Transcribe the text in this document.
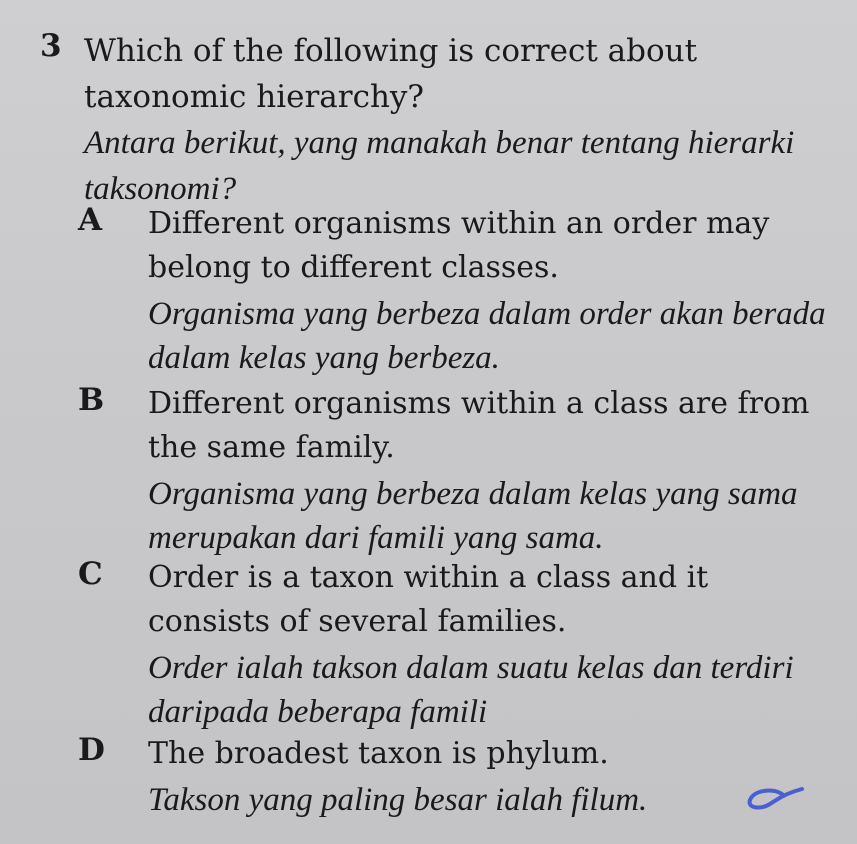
3 Which of the following is correct about taxonomic hierarchy?
Antara berikut, yang manakah benar tentang hierarki taksonomi?
A Different organisms within an order may belong to different classes.
Organisma yang berbeza dalam order akan berada dalam kelas yang berbeza.
B Different organisms within a class are from the same family.
Organisma yang berbeza dalam kelas yang sama merupakan dari famili yang sama.
C Order is a taxon within a class and it consists of several families.
Order ialah takson dalam suatu kelas dan terdiri daripada beberapa famili
D The broadest taxon is phylum.
Takson yang paling besar ialah filum.
